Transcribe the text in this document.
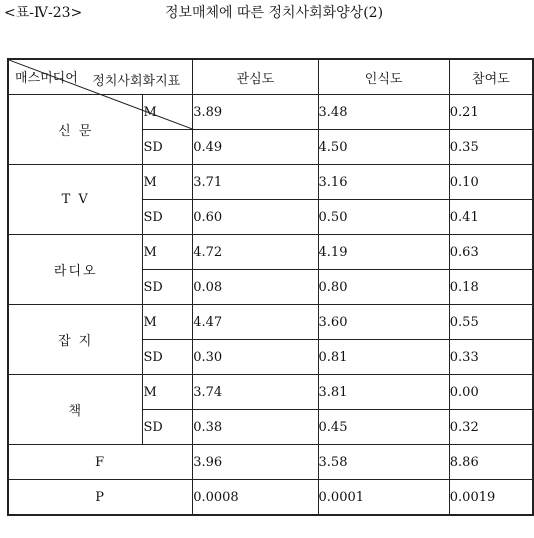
<표-Ⅳ-23>	정보매체에 따른 정치사회화양상(2)
정치사회화지표
매스미디어		관심도	인식도	참여도
신 문	M	3.89	3.48	0.21
	SD	0.49	4.50	0.35
T V	M	3.71	3.16	0.10
	SD	0.60	0.50	0.41
라디오	M	4.72	4.19	0.63
	SD	0.08	0.80	0.18
잡 지	M	4.47	3.60	0.55
	SD	0.30	0.81	0.33
책	M	3.74	3.81	0.00
	SD	0.38	0.45	0.32
F		3.96	3.58	8.86
P		0.0008	0.0001	0.0019
